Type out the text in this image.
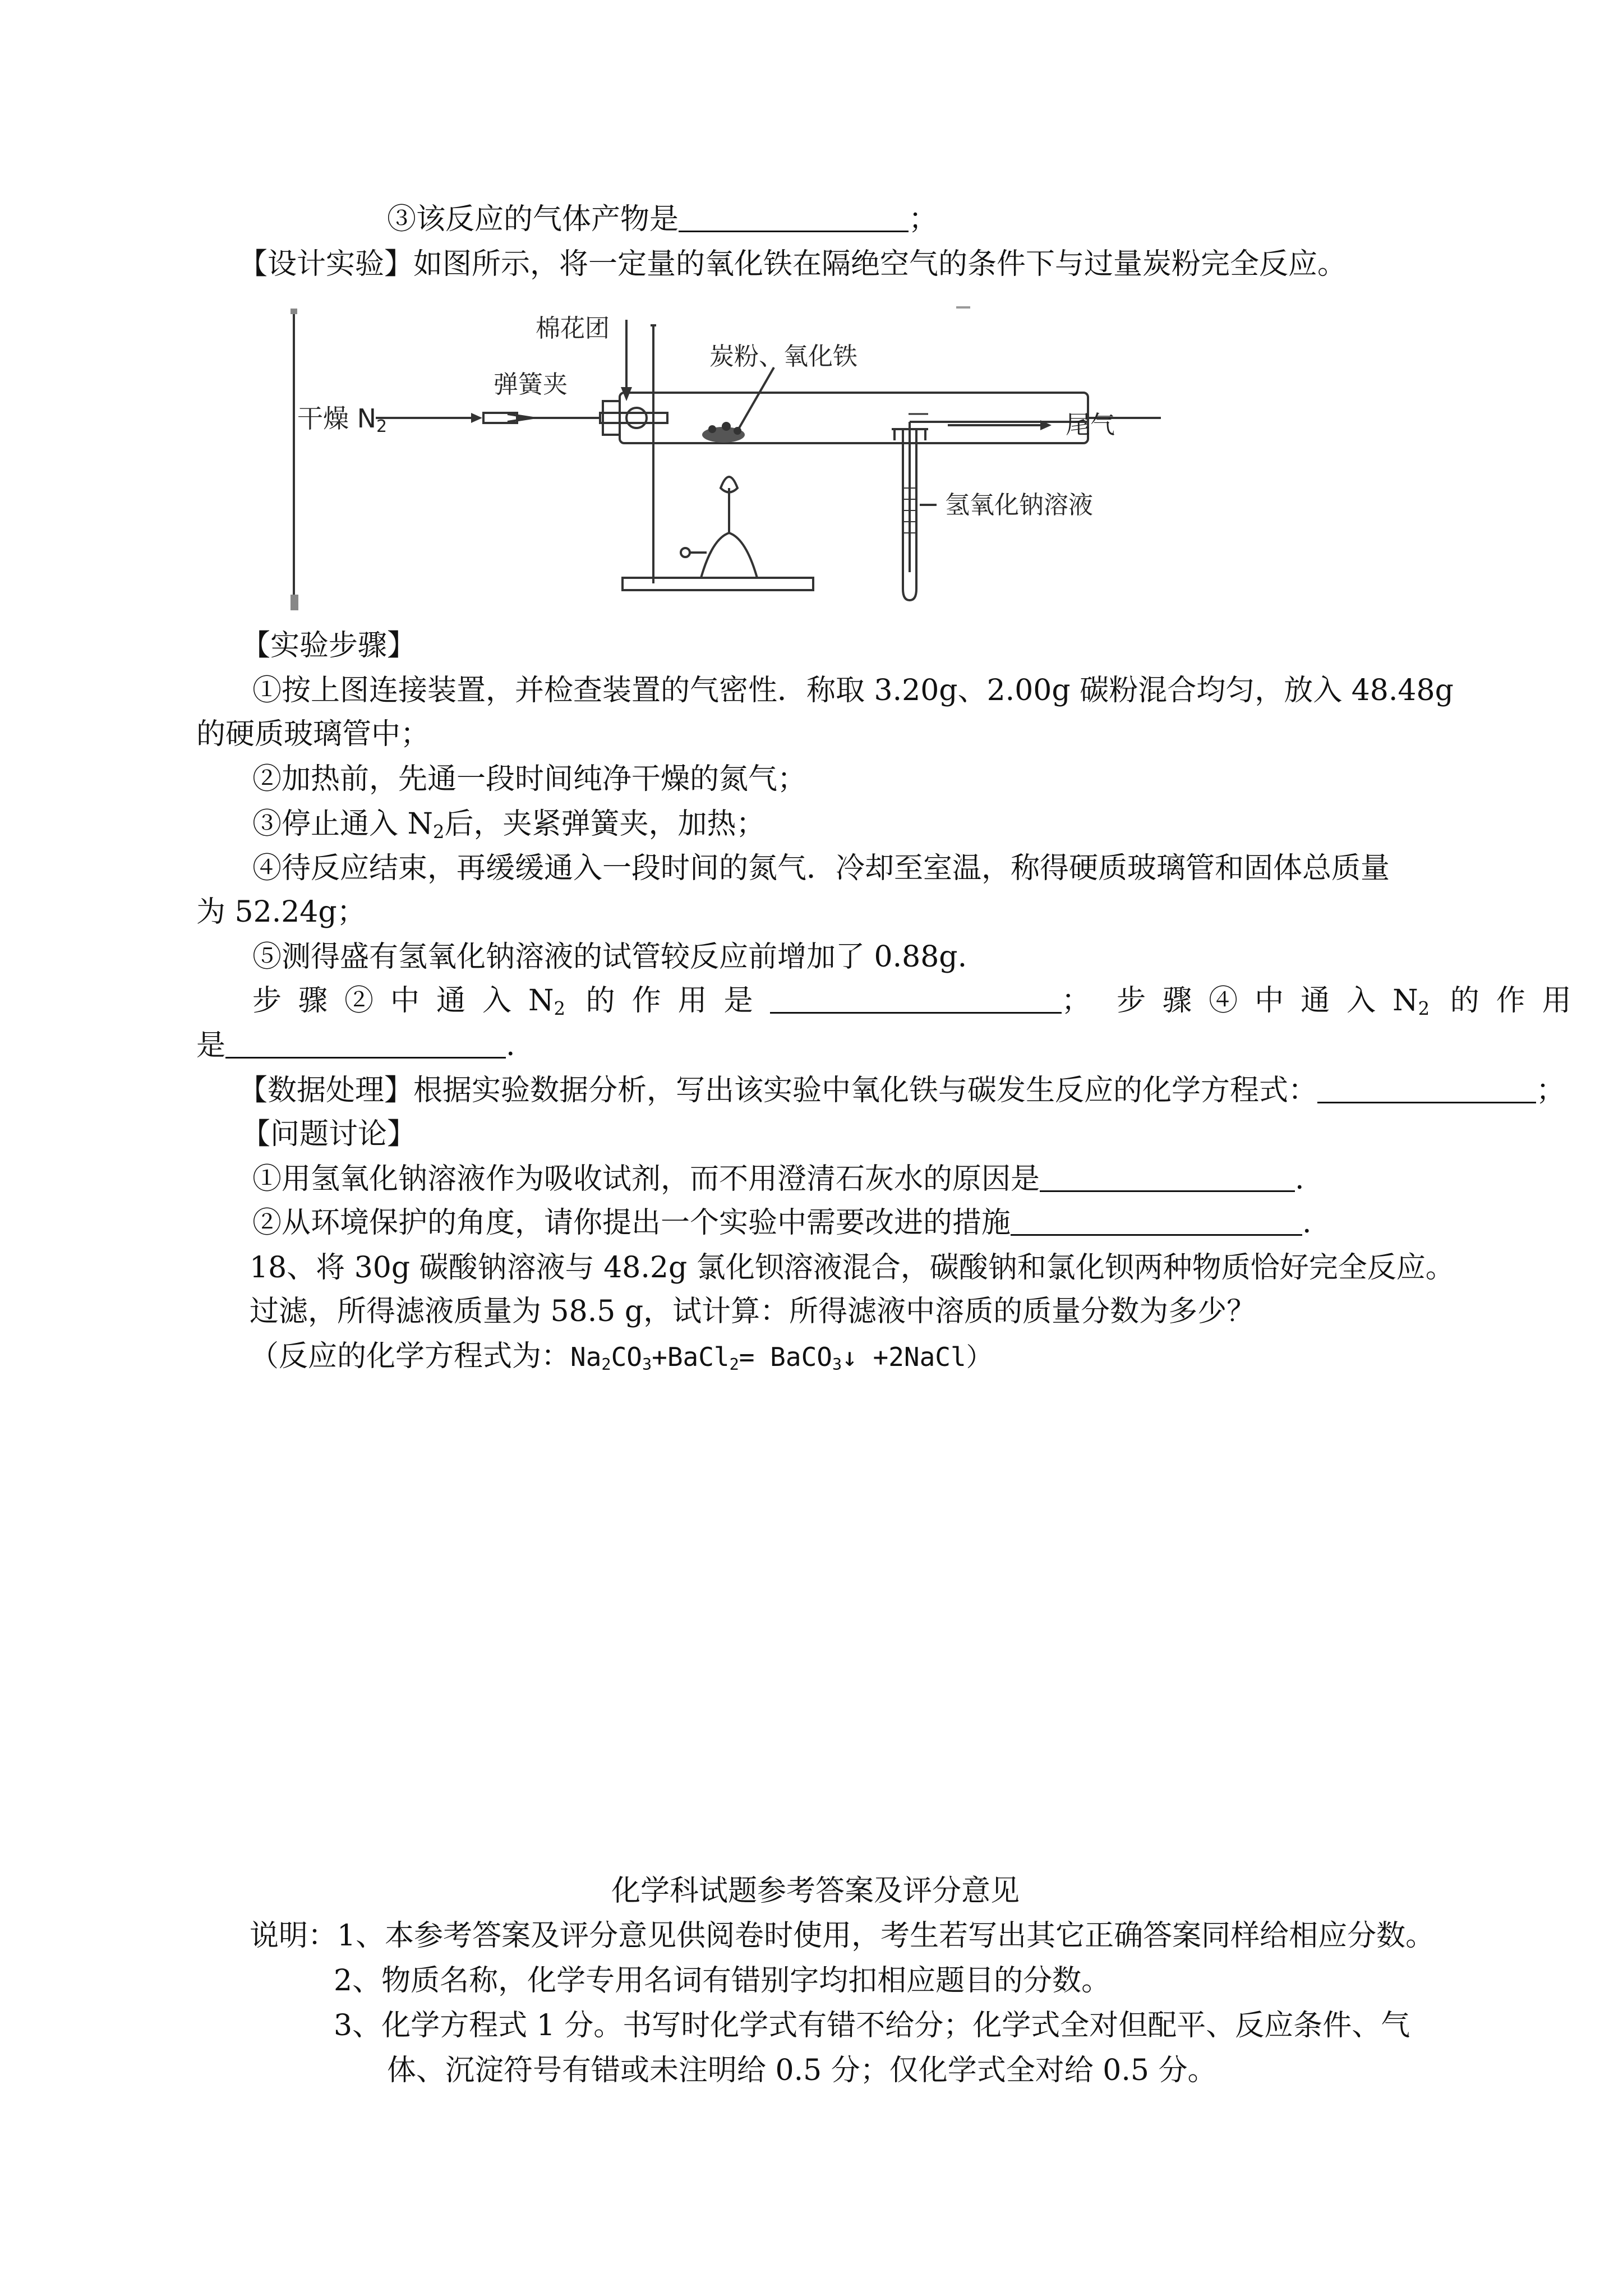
③该反应的气体产物是	；
【设计实验】如图所示，将一定量的氧化铁在隔绝空气的条件下与过量炭粉完全反应。
干燥 N2
弹簧夹
棉花团
炭粉、氧化铁
尾气
氢氧化钠溶液
【实验步骤】
①按上图连接装置，并检查装置的气密性．称取 3.20g、2.00g 碳粉混合均匀，放入 48.48g
的硬质玻璃管中；
②加热前，先通一段时间纯净干燥的氮气；
③停止通入 $N_2$后，夹紧弹簧夹，加热；
④待反应结束，再缓缓通入一段时间的氮气．冷却至室温，称得硬质玻璃管和固体总质量
为 52.24g；
⑤测得盛有氢氧化钠溶液的试管较反应前增加了 0.88g.
步骤②中通入$N_2$ 的作用是	； 步骤④中通入$N_2$ 的作用
是	.
【数据处理】根据实验数据分析，写出该实验中氧化铁与碳发生反应的化学方程式：	；
【问题讨论】
①用氢氧化钠溶液作为吸收试剂，而不用澄清石灰水的原因是	.
②从环境保护的角度，请你提出一个实验中需要改进的措施	.
18、将 30g 碳酸钠溶液与 48.2g 氯化钡溶液混合，碳酸钠和氯化钡两种物质恰好完全反应。
过滤，所得滤液质量为 58.5 g，试计算：所得滤液中溶质的质量分数为多少？
（反应的化学方程式为：$Na_2CO_3+BaCl_2=$ BaCO$_3$↓ +2NaCl）
化学科试题参考答案及评分意见
说明：1、本参考答案及评分意见供阅卷时使用，考生若写出其它正确答案同样给相应分数。
2、物质名称，化学专用名词有错别字均扣相应题目的分数。
3、化学方程式 1 分。书写时化学式有错不给分；化学式全对但配平、反应条件、气
体、沉淀符号有错或未注明给 0.5 分；仅化学式全对给 0.5 分。
